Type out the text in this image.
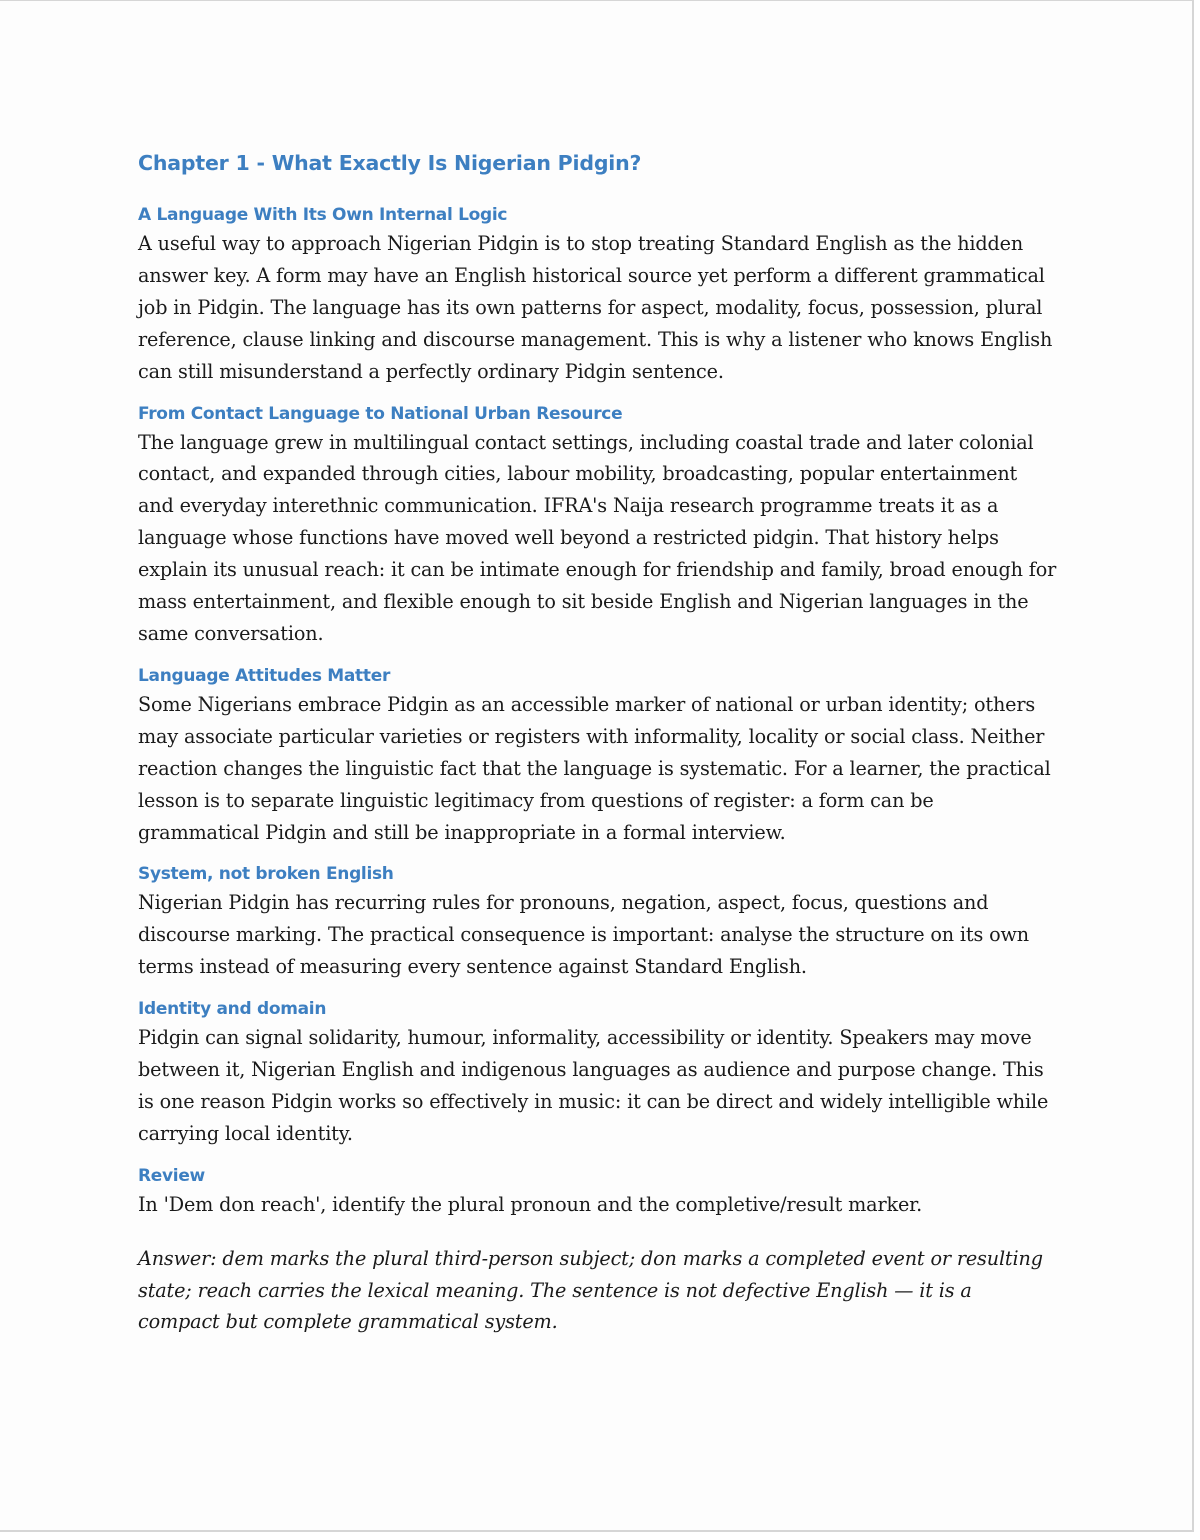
Chapter 1 - What Exactly Is Nigerian Pidgin?
A Language With Its Own Internal Logic

A useful way to approach Nigerian Pidgin is to stop treating Standard English as the hidden answer key. A form may have an English historical source yet perform a different grammatical job in Pidgin. The language has its own patterns for aspect, modality, focus, possession, plural reference, clause linking and discourse management. This is why a listener who knows English can still misunderstand a perfectly ordinary Pidgin sentence.

From Contact Language to National Urban Resource

The language grew in multilingual contact settings, including coastal trade and later colonial contact, and expanded through cities, labour mobility, broadcasting, popular entertainment and everyday interethnic communication. IFRA's Naija research programme treats it as a language whose functions have moved well beyond a restricted pidgin. That history helps explain its unusual reach: it can be intimate enough for friendship and family, broad enough for mass entertainment, and flexible enough to sit beside English and Nigerian languages in the same conversation.

Language Attitudes Matter

Some Nigerians embrace Pidgin as an accessible marker of national or urban identity; others may associate particular varieties or registers with informality, locality or social class. Neither reaction changes the linguistic fact that the language is systematic. For a learner, the practical lesson is to separate linguistic legitimacy from questions of register: a form can be grammatical Pidgin and still be inappropriate in a formal interview.

System, not broken English

Nigerian Pidgin has recurring rules for pronouns, negation, aspect, focus, questions and discourse marking. The practical consequence is important: analyse the structure on its own terms instead of measuring every sentence against Standard English.

Identity and domain

Pidgin can signal solidarity, humour, informality, accessibility or identity. Speakers may move between it, Nigerian English and indigenous languages as audience and purpose change. This is one reason Pidgin works so effectively in music: it can be direct and widely intelligible while carrying local identity.

Review

In 'Dem don reach', identify the plural pronoun and the completive/result marker.

Answer: dem marks the plural third-person subject; don marks a completed event or resulting state; reach carries the lexical meaning. The sentence is not defective English — it is a compact but complete grammatical system.
